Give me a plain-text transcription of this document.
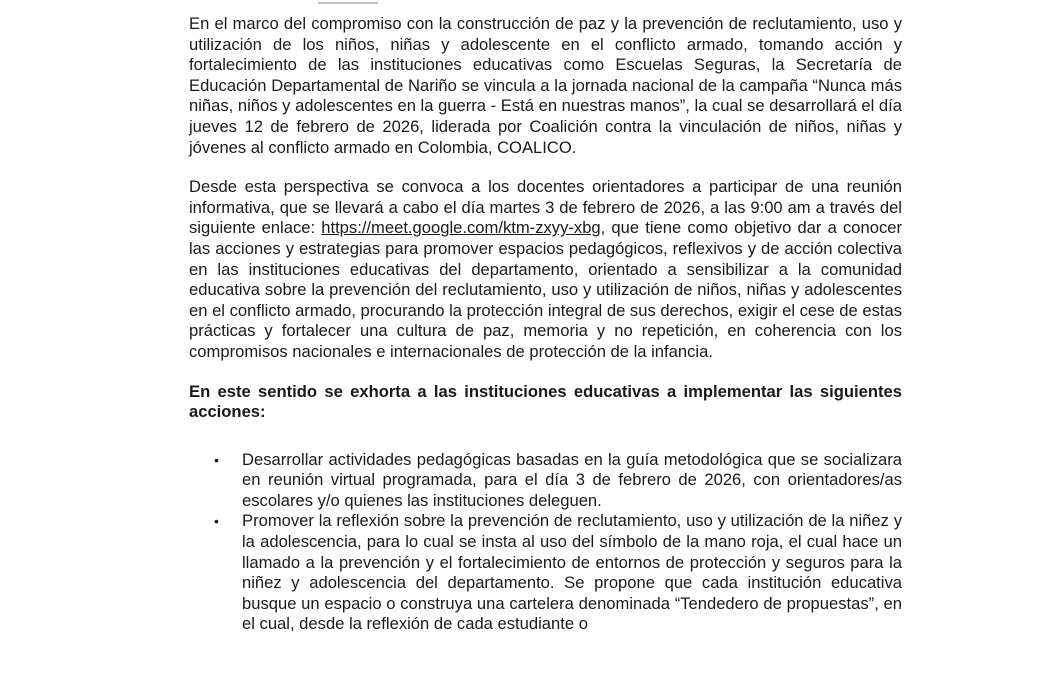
En el marco del compromiso con la construcción de paz y la prevención de reclutamiento, uso y utilización de los niños, niñas y adolescente en el conflicto armado, tomando acción y fortalecimiento de las instituciones educativas como Escuelas Seguras, la Secretaría de Educación Departamental de Nariño se vincula a la jornada nacional de la campaña “Nunca más niñas, niños y adolescentes en la guerra - Está en nuestras manos”, la cual se desarrollará el día jueves 12 de febrero de 2026, liderada por Coalición contra la vinculación de niños, niñas y jóvenes al conflicto armado en Colombia, COALICO.

Desde esta perspectiva se convoca a los docentes orientadores a participar de una reunión informativa, que se llevará a cabo el día martes 3 de febrero de 2026, a las 9:00 am a través del siguiente enlace: https://meet.google.com/ktm-zxyy-xbg, que tiene como objetivo dar a conocer las acciones y estrategias para promover espacios pedagógicos, reflexivos y de acción colectiva en las instituciones educativas del departamento, orientado a sensibilizar a la comunidad educativa sobre la prevención del reclutamiento, uso y utilización de niños, niñas y adolescentes en el conflicto armado, procurando la protección integral de sus derechos, exigir el cese de estas prácticas y fortalecer una cultura de paz, memoria y no repetición, en coherencia con los compromisos nacionales e internacionales de protección de la infancia.

En este sentido se exhorta a las instituciones educativas a implementar las siguientes acciones:

• Desarrollar actividades pedagógicas basadas en la guía metodológica que se socializara en reunión virtual programada, para el día 3 de febrero de 2026, con orientadores/as escolares y/o quienes las instituciones deleguen.
• Promover la reflexión sobre la prevención de reclutamiento, uso y utilización de la niñez y la adolescencia, para lo cual se insta al uso del símbolo de la mano roja, el cual hace un llamado a la prevención y el fortalecimiento de entornos de protección y seguros para la niñez y adolescencia del departamento. Se propone que cada institución educativa busque un espacio o construya una cartelera denominada “Tendedero de propuestas”, en el cual, desde la reflexión de cada estudiante o
